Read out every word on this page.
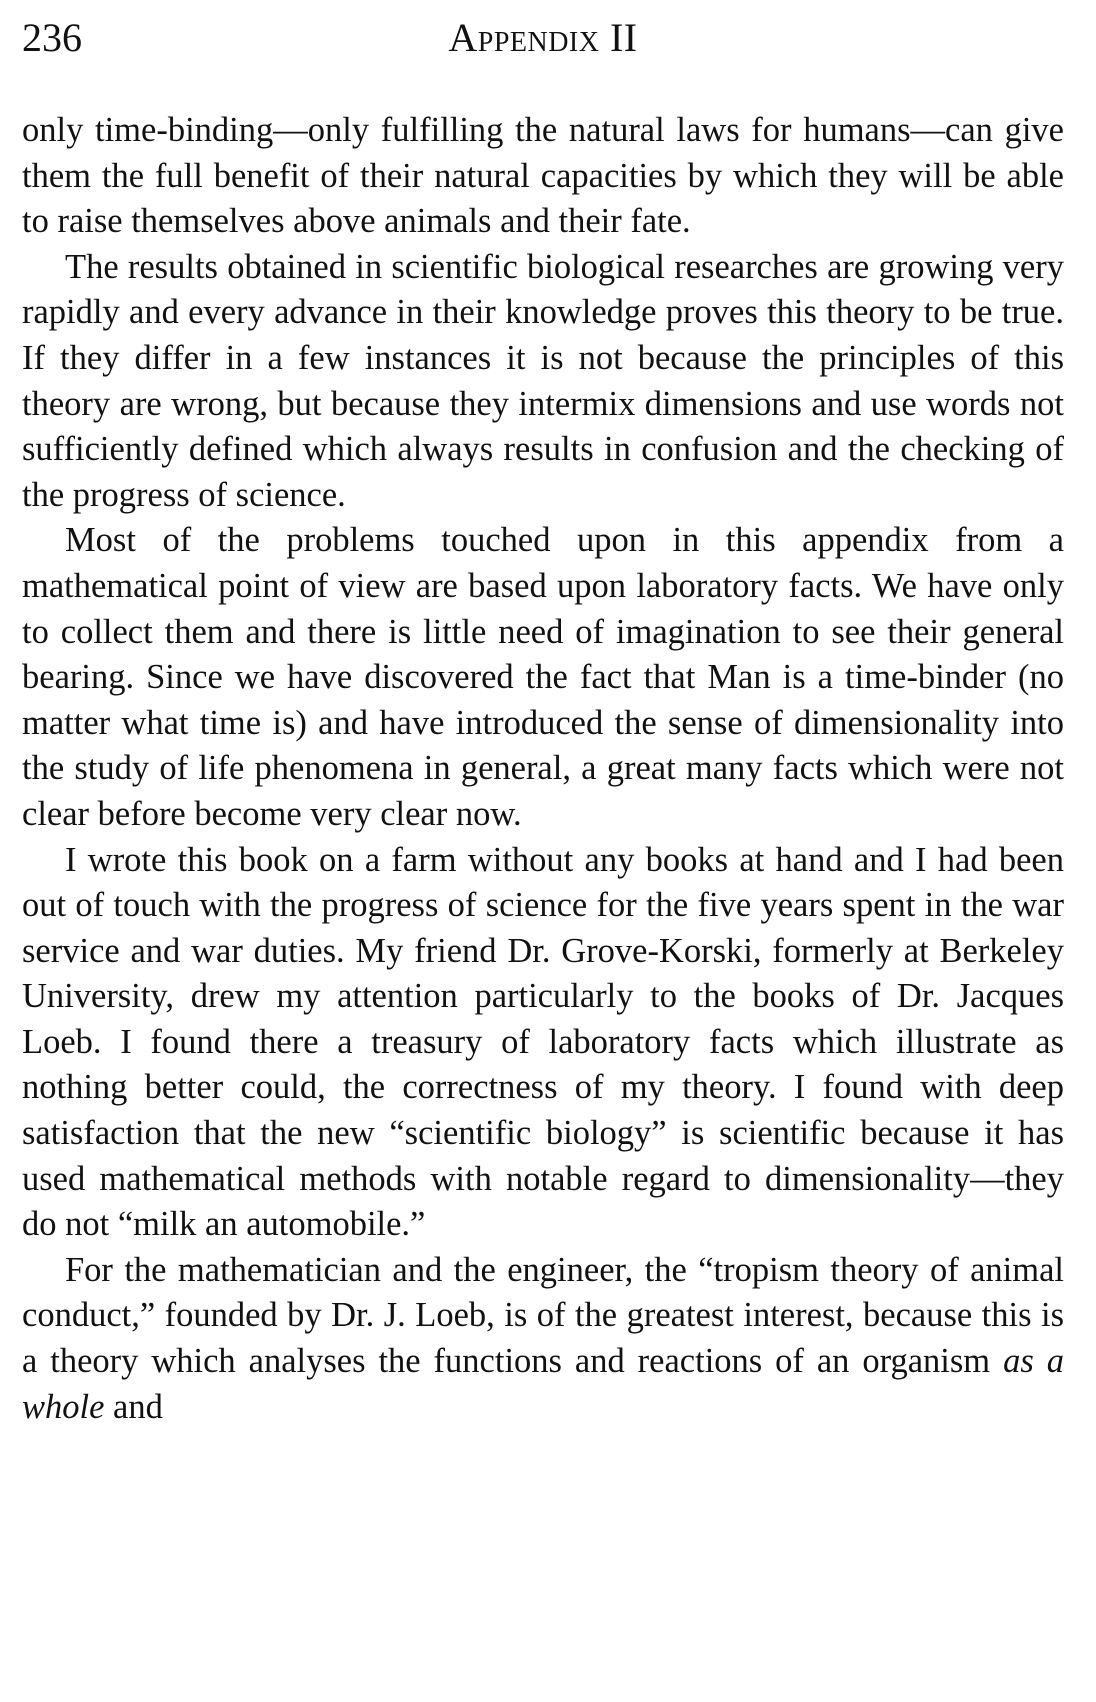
236	Appendix II

only time-binding—only fulfilling the natural laws for humans—can give them the full benefit of their natural capacities by which they will be able to raise themselves above animals and their fate.

The results obtained in scientific biological researches are growing very rapidly and every advance in their knowledge proves this theory to be true. If they differ in a few instances it is not because the principles of this theory are wrong, but because they intermix dimensions and use words not sufficiently defined which always results in confusion and the checking of the progress of science.

Most of the problems touched upon in this appendix from a mathematical point of view are based upon laboratory facts. We have only to collect them and there is little need of imagination to see their general bearing. Since we have discovered the fact that Man is a time-binder (no matter what time is) and have introduced the sense of dimensionality into the study of life phenomena in general, a great many facts which were not clear before become very clear now.

I wrote this book on a farm without any books at hand and I had been out of touch with the progress of science for the five years spent in the war service and war duties. My friend Dr. Grove-Korski, formerly at Berkeley University, drew my attention particularly to the books of Dr. Jacques Loeb. I found there a treasury of laboratory facts which illustrate as nothing better could, the correctness of my theory. I found with deep satisfaction that the new “scientific biology” is scientific because it has used mathematical methods with notable regard to dimensionality—they do not “milk an automobile.”

For the mathematician and the engineer, the “tropism theory of animal conduct,” founded by Dr. J. Loeb, is of the greatest interest, because this is a theory which analyses the functions and reactions of an organism as a whole and
